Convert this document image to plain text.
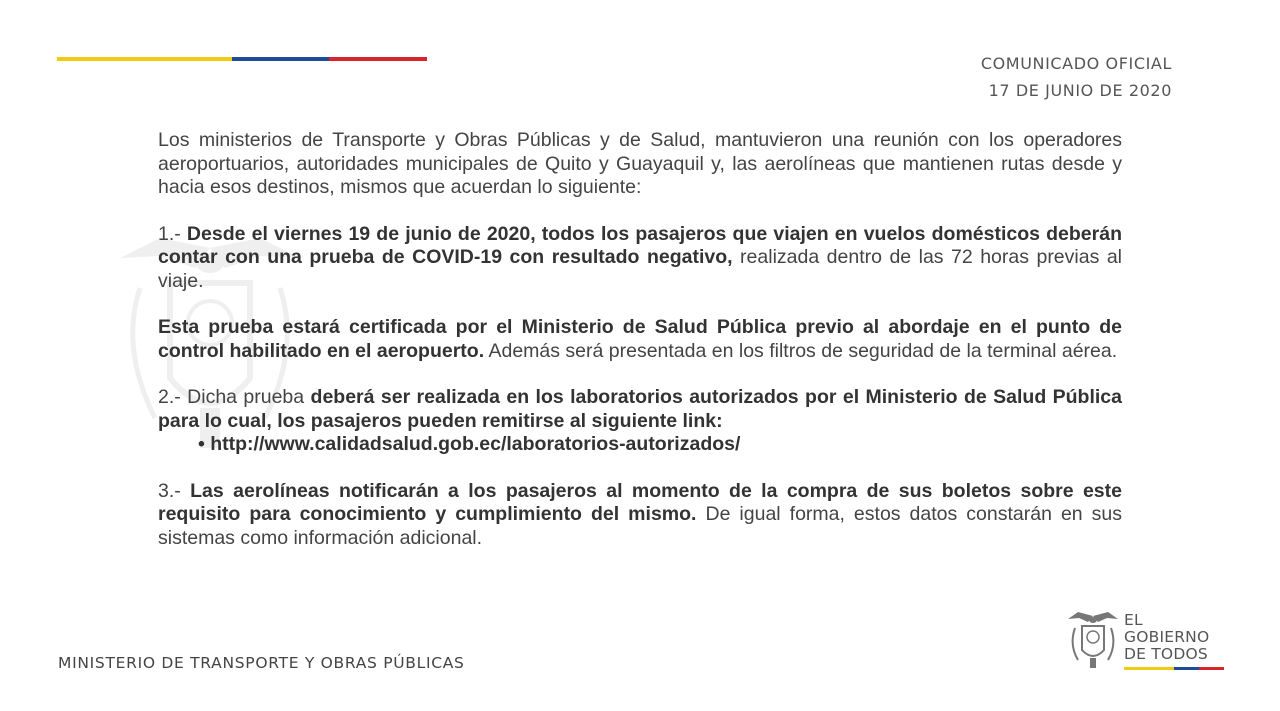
COMUNICADO OFICIAL
17 DE JUNIO DE 2020

Los ministerios de Transporte y Obras Públicas y de Salud, mantuvieron una reunión con los operadores aeroportuarios, autoridades municipales de Quito y Guayaquil y, las aerolíneas que mantienen rutas desde y hacia esos destinos, mismos que acuerdan lo siguiente:

1.- Desde el viernes 19 de junio de 2020, todos los pasajeros que viajen en vuelos domésticos deberán contar con una prueba de COVID-19 con resultado negativo, realizada dentro de las 72 horas previas al viaje.

Esta prueba estará certificada por el Ministerio de Salud Pública previo al abordaje en el punto de control habilitado en el aeropuerto. Además será presentada en los filtros de seguridad de la terminal aérea.

2.- Dicha prueba deberá ser realizada en los laboratorios autorizados por el Ministerio de Salud Pública para lo cual, los pasajeros pueden remitirse al siguiente link:

• http://www.calidadsalud.gob.ec/laboratorios-autorizados/

3.- Las aerolíneas notificarán a los pasajeros al momento de la compra de sus boletos sobre este requisito para conocimiento y cumplimiento del mismo. De igual forma, estos datos constarán en sus sistemas como información adicional.

MINISTERIO DE TRANSPORTE Y OBRAS PÚBLICAS
EL
GOBIERNO
DE TODOS
